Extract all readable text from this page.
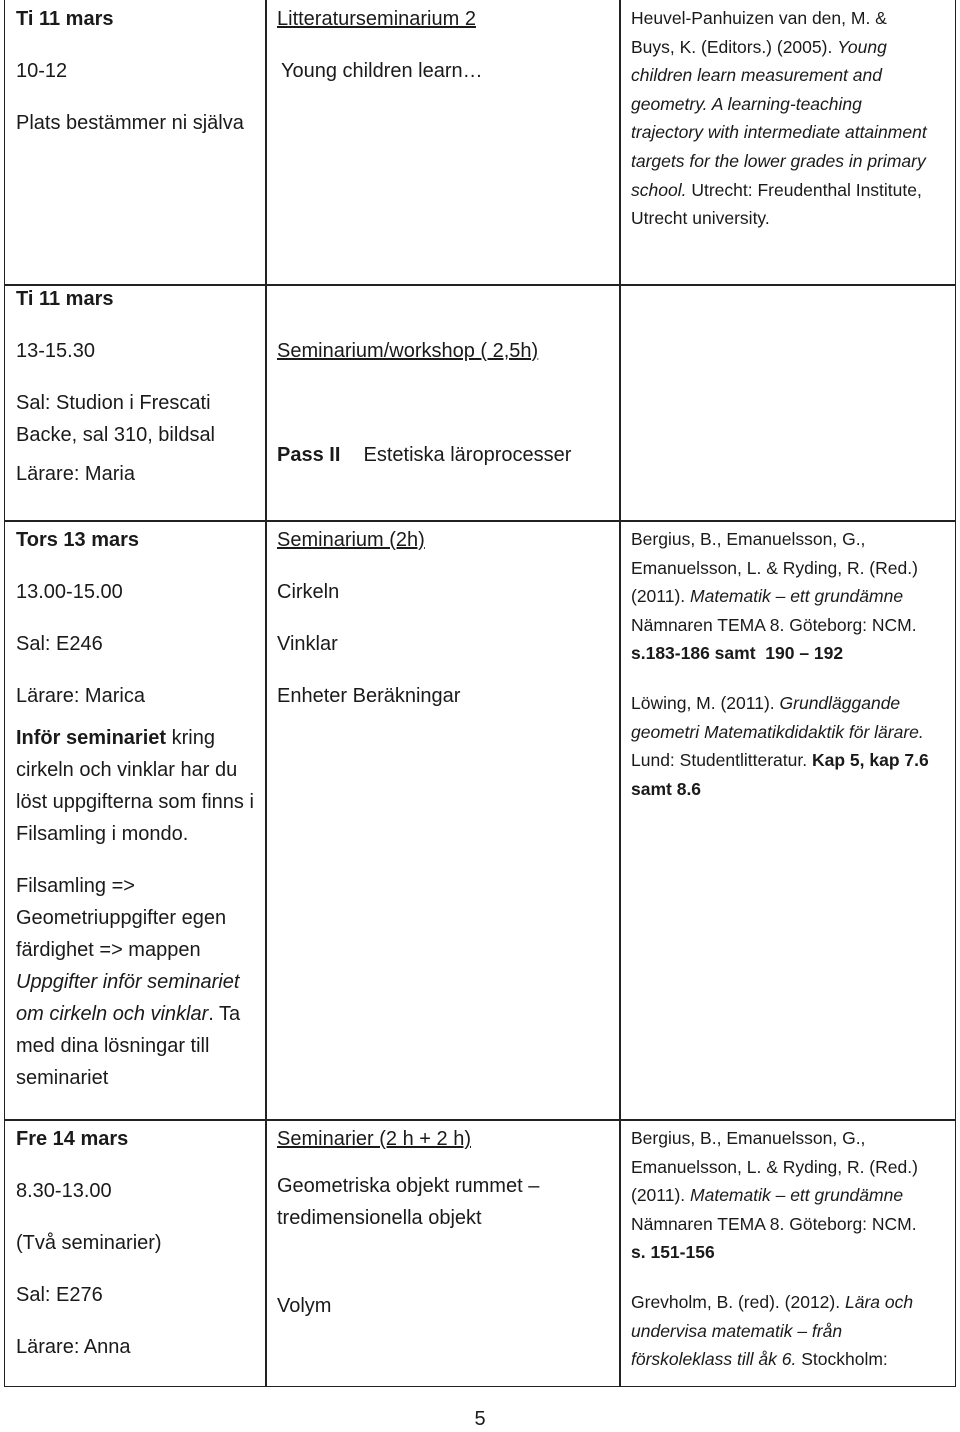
Ti 11 mars
10-12
Plats bestämmer ni själva
Litteraturseminarium 2
Young children learn…
Heuvel-Panhuizen van den, M. & Buys, K. (Editors.) (2005). Young children learn measurement and geometry. A learning-teaching trajectory with intermediate attainment targets for the lower grades in primary school. Utrecht: Freudenthal Institute, Utrecht university.
Ti 11 mars
13-15.30
Sal: Studion i Frescati Backe, sal 310, bildsal
Lärare: Maria
Seminarium/workshop ( 2,5h)
Pass II Estetiska läroprocesser
Tors 13 mars
13.00-15.00
Sal: E246
Lärare: Marica
Inför seminariet kring cirkeln och vinklar har du löst uppgifterna som finns i Filsamling i mondo.
Filsamling => Geometriuppgifter egen färdighet => mappen Uppgifter inför seminariet om cirkeln och vinklar. Ta med dina lösningar till seminariet
Seminarium (2h)
Cirkeln
Vinklar
Enheter Beräkningar
Bergius, B., Emanuelsson, G., Emanuelsson, L. & Ryding, R. (Red.) (2011). Matematik – ett grundämne Nämnaren TEMA 8. Göteborg: NCM. s.183-186 samt  190 – 192
Löwing, M. (2011). Grundläggande geometri Matematikdidaktik för lärare. Lund: Studentlitteratur. Kap 5, kap 7.6 samt 8.6
Fre 14 mars
8.30-13.00
(Två seminarier)
Sal: E276
Lärare: Anna
Seminarier (2 h + 2 h)
Geometriska objekt rummet – tredimensionella objekt
Volym
Bergius, B., Emanuelsson, G., Emanuelsson, L. & Ryding, R. (Red.) (2011). Matematik – ett grundämne Nämnaren TEMA 8. Göteborg: NCM. s. 151-156
Grevholm, B. (red). (2012). Lära och undervisa matematik – från förskoleklass till åk 6. Stockholm:
5
